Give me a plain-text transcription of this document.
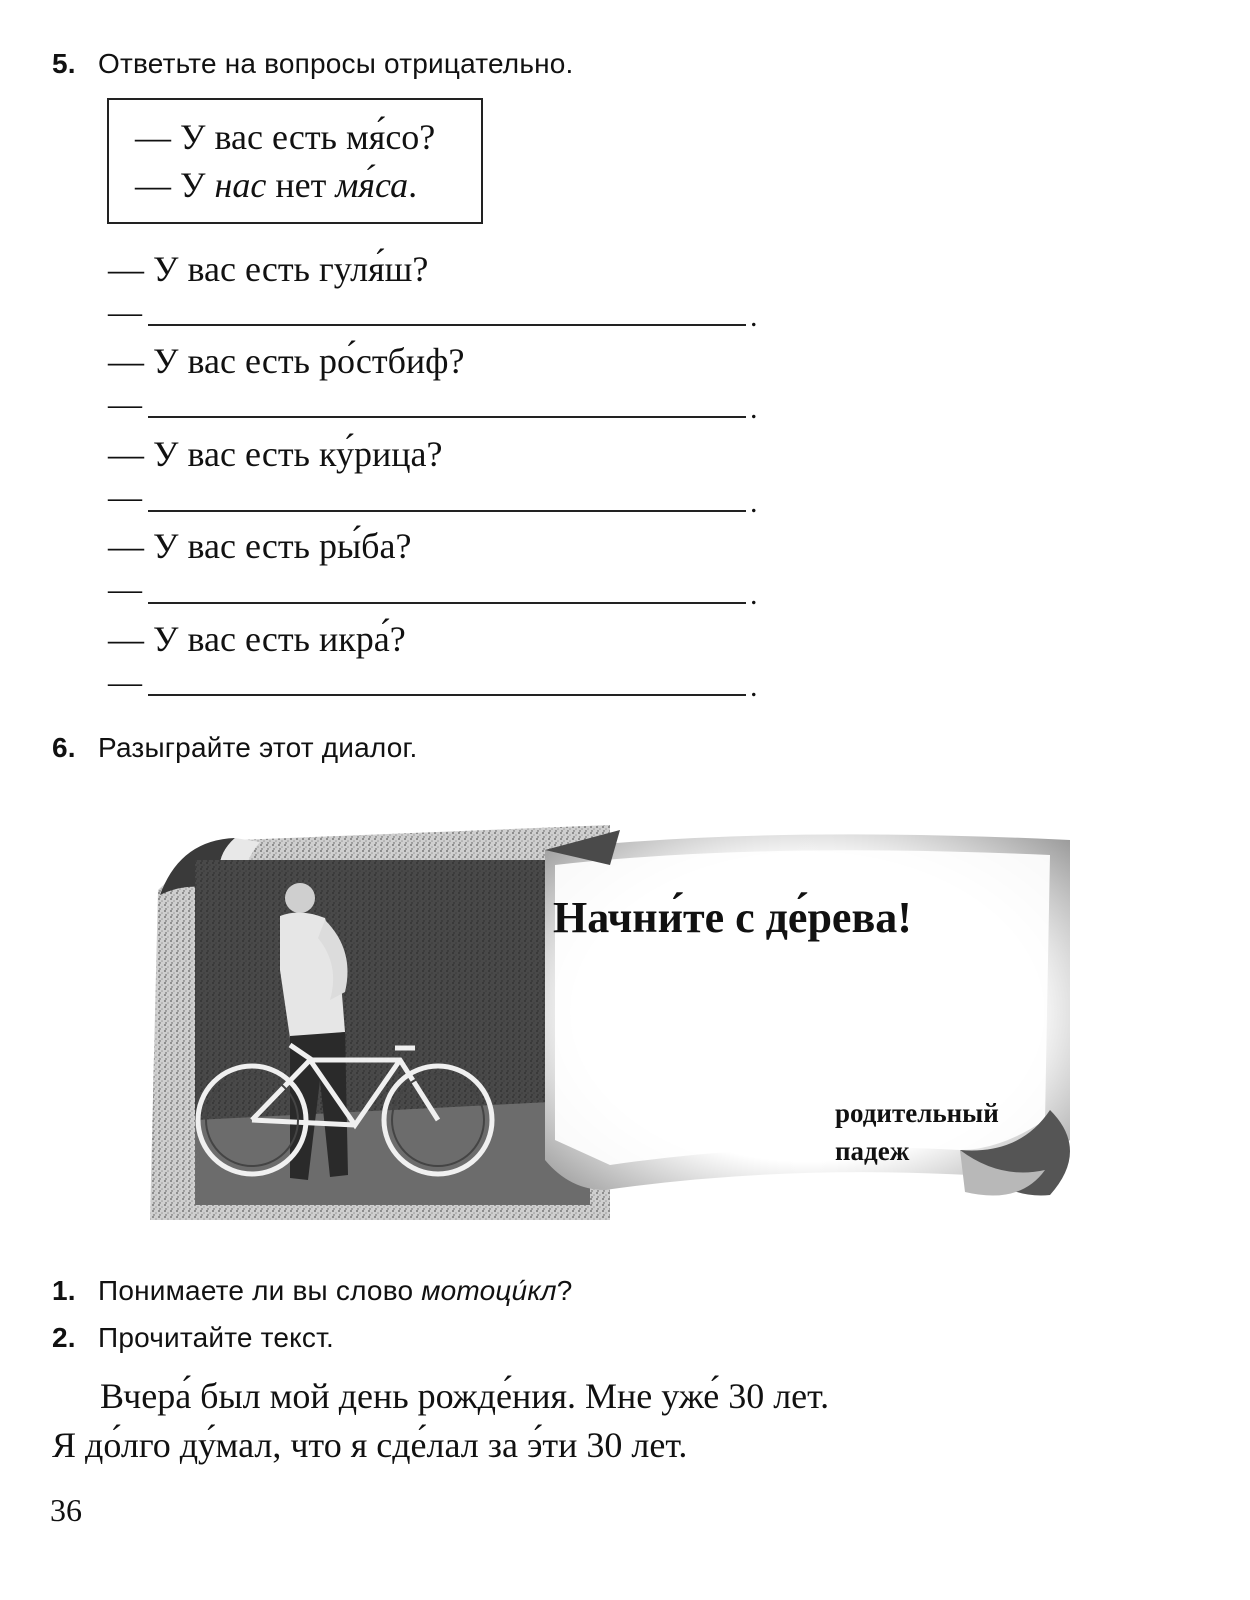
5. Ответьте на вопросы отрицательно.
— У вас есть мя́со?
— У нас нет мя́са.
— У вас есть гуля́ш?
—	.
— У вас есть ро́стбиф?
—	.
— У вас есть ку́рица?
—	.
— У вас есть ры́ба?
—	.
— У вас есть икра́?
—	.
6. Разыграйте этот диалог.
Начни́те с де́рева!
родительный
падеж
1. Понимаете ли вы слово мотоци́кл?
2. Прочитайте текст.
Вчера́ был мой день рожде́ния. Мне уже́ 30 лет.
Я до́лго ду́мал, что я сде́лал за э́ти 30 лет.
36
